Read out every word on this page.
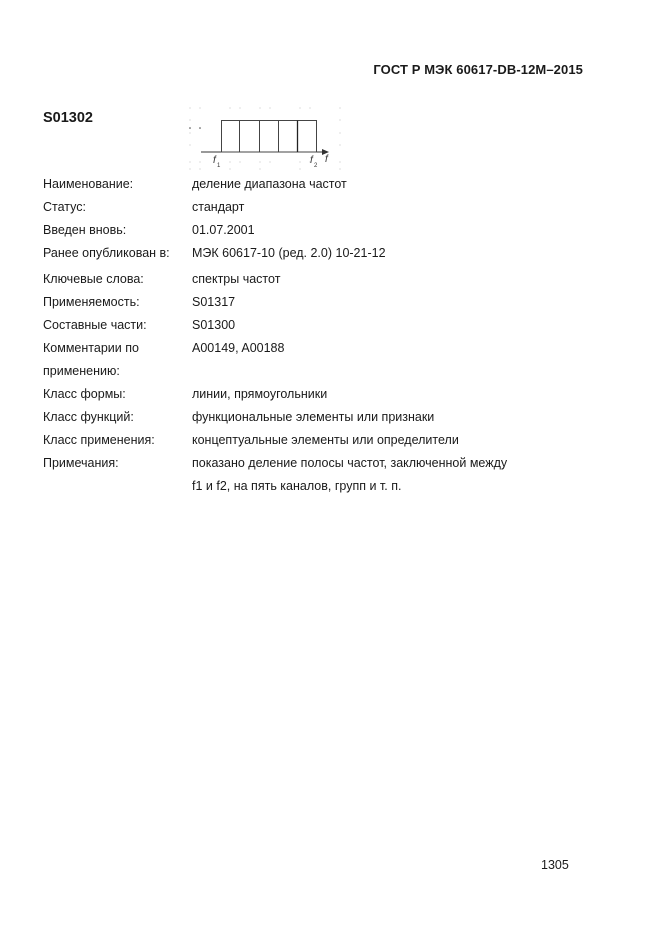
ГОСТ Р МЭК 60617-DB-12M–2015
S01302
f 1	f 2
f
Наименование:	деление диапазона частот
Статус:	стандарт
Введен вновь:	01.07.2001
Ранее опубликован в:	МЭК 60617-10 (ред. 2.0) 10-21-12
Ключевые слова:	спектры частот
Применяемость:	S01317
Составные части:	S01300
Комментарии по	A00149, A00188
применению:
Класс формы:	линии, прямоугольники
Класс функций:	функциональные элементы или признаки
Класс применения:	концептуальные элементы или определители
Примечания:	показано деление полосы частот, заключенной между
f1 и f2, на пять каналов, групп и т. п.
1305
